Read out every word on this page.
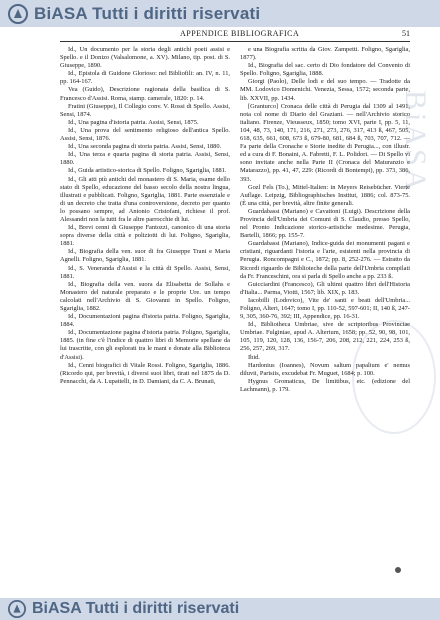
BiASA Tutti i diritti riservati
BiASA
APPENDICE BIBLIOGRAFICA	51

Id., Un documento per la storia degli antichi poeti assisi e Spello. e il Donizo (Valsalomone, a. XV). Milano, tip. post. di S. Giuseppe, 1890.

Id., Epistola di Guidone Glorioso: nel Bibliofili: an. IV, n. 11, pp. 164-167.

Vea (Guido), Descrizione ragionata della basilica di S. Francesco d'Assisi. Roma, stamp. camerale, 1820: p. 14.

Fratini (Giuseppe), Il Collegio conv. V. Rossi di Spello. Assisi, Sensi, 1874.

Id., Una pagina d'istoria patria. Assisi, Sensi, 1875.

Id., Una prova del sentimento religioso dell'antica Spello. Assisi, Sensi, 1876.

Id., Una seconda pagina di storia patria. Assisi, Sensi, 1880.

Id., Una terza e quarta pagina di storia patria. Assisi, Sensi, 1880.

Id., Guida artistico-storica di Spello. Foligno, Sgariglia, 1881.

Id., Gli atti più antichi del monastero di S. Maria, esame dello stato di Spello, educazione del basso secolo della nostra lingua, illustrati e pubblicati. Foligno, Sgariglia, 1881. Parte essenziale e di un decreto che tratta d'una controversione, decreto per quanto lo possano sempre, ad Antonio Cristofani, richiese il prof. Alessandri non la tutti fra le altre parrocchie di lui.

Id., Brevi cenni di Giuseppe Fantozzi, canonico di una storia sopra diverse della città e poliziotti di lui. Foligno, Sgariglia, 1881.

Id., Biografia della ven. suor di fra Giuseppe Trani e Maria Agnelli. Foligno, Sgariglia, 1881.

Id., S. Veneranda d'Assisi e la città di Spello. Assisi, Sensi, 1881.

Id., Biografia della ven. suora da Elisabetta de Sollahs e Monastero del naturale preparato e le proprie Ure. un tempo calcolati nell'Archivio di S. Giovanni in Spello. Foligno, Sgariglia, 1882.

Id., Documentazioni pagina d'istoria patria. Foligno, Sgariglia, 1884.

Id., Documentazione pagina d'istoria patria. Foligno, Sgariglia, 1885. (in fine c'è l'indice di quattro libri di Memorie spellane da lui trascritte, con gli esplorati tra le mani e donate alla Biblioteca d'Assisi).

Id., Cenni biografici di Vitale Rossi. Foligno, Sgariglia, 1886. (Ricordo qui, per brevità, i diversi suoi libri, tirati nel 1875 da D. Pennacchi, da A. Lupattelli, in D. Damiani, da C. A. Brunati,

e una Biografia scritta da Giov. Zampetti. Foligno, Sgariglia, 1877).

Id., Biografia del sac. certo di Dio fondatore del Convento di Spello. Foligno, Sgariglia, 1888.

Giorgi (Paolo), Delle lodi e del suo tempo. — Tradotte da MM. Lodovico Domenichi. Venezia, Sessa, 1572; seconda parte, lib. XXVII, pp. 1434.

[Granturco] Cronaca delle città di Perugia dal 1309 al 1491, nota col nome di Diario del Graziani. — nell'Archivio storico italiano. Firenze, Vieusseux, 1850; tomo XVI, parte I, pp. 5, 11, 104, 48, 73, 140, 171, 216, 271, 273, 276, 317, 413 ß, 467, 505, 618, 635, 661, 608, 673 ß, 679-80, 681, 684 ß, 703, 707, 712. — Fa parte della Cronache e Storie inedite di Perugia..., con illustr. ed a cura di F. Bonaini, A. Fabretti, F. L. Polidori. — Di Spello vi sono invitate anche nella Parte II (Cronaca del Maturanzio e Matarazzo), pp. 41, 47, 229: (Ricordi di Bontempi), pp. 373, 386, 393.

Gozl Fels (To.), Mittel-Italien: in Meyers Reisebücher. Vierte Auflage. Leipzig, Bibliographisches Institut, 1886; col. 873-75. (È una città, per brevità, altre finite generali.

Guardabassi (Mariano) e Cavattoni (Luigi). Descrizione della Provincia dell'Umbria dei Comuni di S. Claudio, presso Spello, nel Pronto Indicazione storico-artistiche medesime. Perugia, Bartelli, 1866; pp. 155-7.

Guardabassi (Mariano), Indice-guida dei monumenti pagani e cristiani, riguardanti l'istoria e l'arte, esistenti nella provincia di Perugia. Roncompagni e C., 1872; pp. 8, 252-276. — Estratto da Ricordi riguardo de Biblioteche della parte dell'Umbria compilati da Fr. Franceschini, ora si parla di Spello anche a pp. 233 ß.

Guicciardini (Francesco), Gli ultimi quattro libri dell'Historia d'Italia... Parma, Viotti, 1567; lib. XIX, p. 183.

Iacobilli (Lodovico), Vite de' santi e beati dell'Umbria... Foligno, Alteri, 1647; tomo I, pp. 110-52, 597-601; II, 140 ß, 247-9, 305, 360-76, 392; III, Appendice, pp. 16-31.

Id., Bibliotheca Umbriae, sive de scriptoribus Provinciae Umbriae. Fulginiae, apud A. Alterium, 1658; pp. 52, 90, 98, 101, 105, 119, 120, 128, 136, 156-7, 206, 208, 212, 221, 224, 253 ß, 256, 257, 269, 317.

Ibid.

Hardonius (Ioannes), Novum saltum papalium e' nemus diluvii, Parisiis, excudebat Fr. Muguet, 1684; p. 100.

Hygnus Gromaticus, De limitibus, etc. (edizione del Lachmann), p. 179.

BiASA Tutti i diritti riservati
